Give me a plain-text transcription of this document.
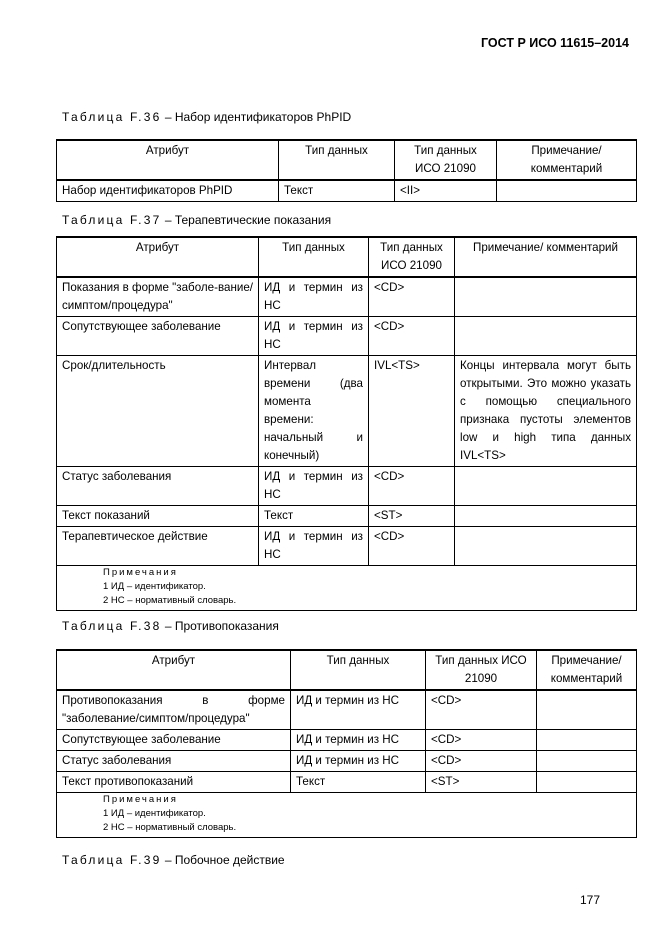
ГОСТ Р ИСО 11615–2014
Таблица F.36 – Набор идентификаторов PhPID
Атрибут	Тип данных	Тип данных ИСО 21090	Примечание/ комментарий
Набор идентификаторов PhPID	Текст	<II>	
Таблица F.37 – Терапевтические показания
Атрибут	Тип данных	Тип данных ИСО 21090	Примечание/ комментарий
Показания в форме "заболе-вание/симптом/процедура"	ИД и термин из НС	<CD>	
Сопутствующее заболевание	ИД и термин из НС	<CD>	
Срок/длительность	Интервал времени (два момента времени: начальный и конечный)	IVL<TS>	Концы интервала могут быть открытыми. Это можно указать с помощью специального признака пустоты элементов low и high типа данных IVL<TS>
Статус заболевания	ИД и термин из НС	<CD>	
Текст показаний	Текст	<ST>	
Терапевтическое действие	ИД и термин из НС	<CD>	

Примечания
1 ИД – идентификатор.
2 НС – нормативный словарь.			
Таблица F.38 – Противопоказания
Атрибут	Тип данных	Тип данных ИСО 21090	Примечание/ комментарий
Противопоказания в форме "заболевание/симптом/процедура"	ИД и термин из НС	<CD>	
Сопутствующее заболевание	ИД и термин из НС	<CD>	
Статус заболевания	ИД и термин из НС	<CD>	
Текст противопоказаний	Текст	<ST>	

Примечания
1 ИД – идентификатор.
2 НС – нормативный словарь.			
Таблица F.39 – Побочное действие
177
